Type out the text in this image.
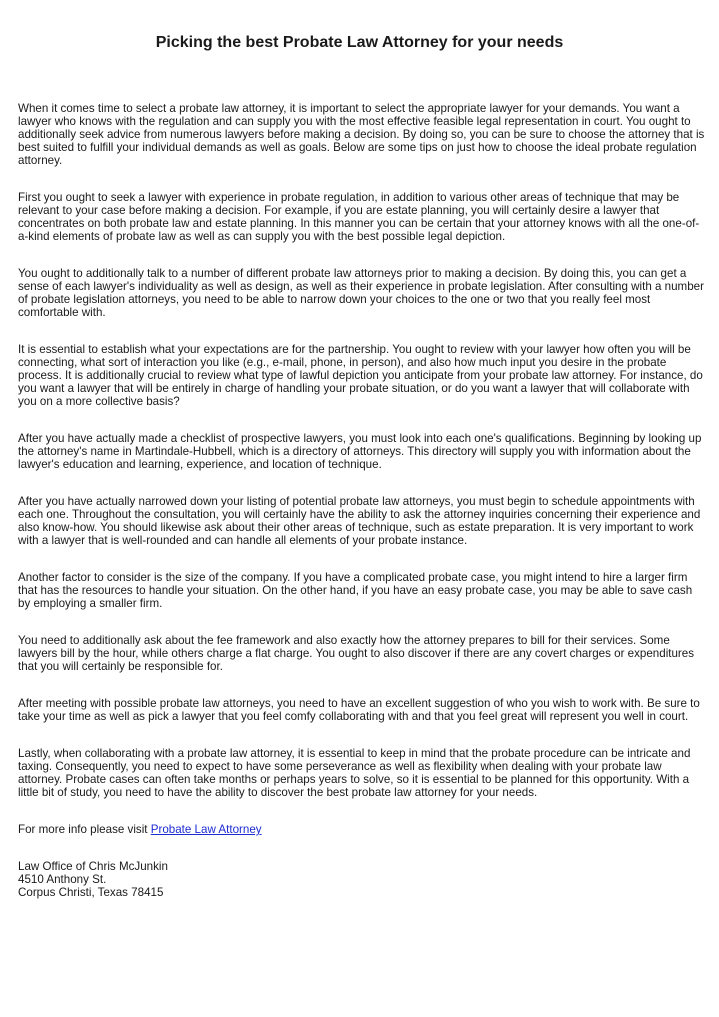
Picking the best Probate Law Attorney for your needs

When it comes time to select a probate law attorney, it is important to select the appropriate lawyer for your demands. You want a lawyer who knows with the regulation and can supply you with the most effective feasible legal representation in court. You ought to additionally seek advice from numerous lawyers before making a decision. By doing so, you can be sure to choose the attorney that is best suited to fulfill your individual demands as well as goals. Below are some tips on just how to choose the ideal probate regulation attorney.

First you ought to seek a lawyer with experience in probate regulation, in addition to various other areas of technique that may be relevant to your case before making a decision. For example, if you are estate planning, you will certainly desire a lawyer that concentrates on both probate law and estate planning. In this manner you can be certain that your attorney knows with all the one-of-a-kind elements of probate law as well as can supply you with the best possible legal depiction.

You ought to additionally talk to a number of different probate law attorneys prior to making a decision. By doing this, you can get a sense of each lawyer's individuality as well as design, as well as their experience in probate legislation. After consulting with a number of probate legislation attorneys, you need to be able to narrow down your choices to the one or two that you really feel most comfortable with.

It is essential to establish what your expectations are for the partnership. You ought to review with your lawyer how often you will be connecting, what sort of interaction you like (e.g., e-mail, phone, in person), and also how much input you desire in the probate process. It is additionally crucial to review what type of lawful depiction you anticipate from your probate law attorney. For instance, do you want a lawyer that will be entirely in charge of handling your probate situation, or do you want a lawyer that will collaborate with you on a more collective basis?

After you have actually made a checklist of prospective lawyers, you must look into each one's qualifications. Beginning by looking up the attorney's name in Martindale-Hubbell, which is a directory of attorneys. This directory will supply you with information about the lawyer's education and learning, experience, and location of technique.

After you have actually narrowed down your listing of potential probate law attorneys, you must begin to schedule appointments with each one. Throughout the consultation, you will certainly have the ability to ask the attorney inquiries concerning their experience and also know-how. You should likewise ask about their other areas of technique, such as estate preparation. It is very important to work with a lawyer that is well-rounded and can handle all elements of your probate instance.

Another factor to consider is the size of the company. If you have a complicated probate case, you might intend to hire a larger firm that has the resources to handle your situation. On the other hand, if you have an easy probate case, you may be able to save cash by employing a smaller firm.

You need to additionally ask about the fee framework and also exactly how the attorney prepares to bill for their services. Some lawyers bill by the hour, while others charge a flat charge. You ought to also discover if there are any covert charges or expenditures that you will certainly be responsible for.

After meeting with possible probate law attorneys, you need to have an excellent suggestion of who you wish to work with. Be sure to take your time as well as pick a lawyer that you feel comfy collaborating with and that you feel great will represent you well in court.

Lastly, when collaborating with a probate law attorney, it is essential to keep in mind that the probate procedure can be intricate and taxing. Consequently, you need to expect to have some perseverance as well as flexibility when dealing with your probate law attorney. Probate cases can often take months or perhaps years to solve, so it is essential to be planned for this opportunity. With a little bit of study, you need to have the ability to discover the best probate law attorney for your needs.

For more info please visit Probate Law Attorney

Law Office of Chris McJunkin
4510 Anthony St.
Corpus Christi, Texas 78415
